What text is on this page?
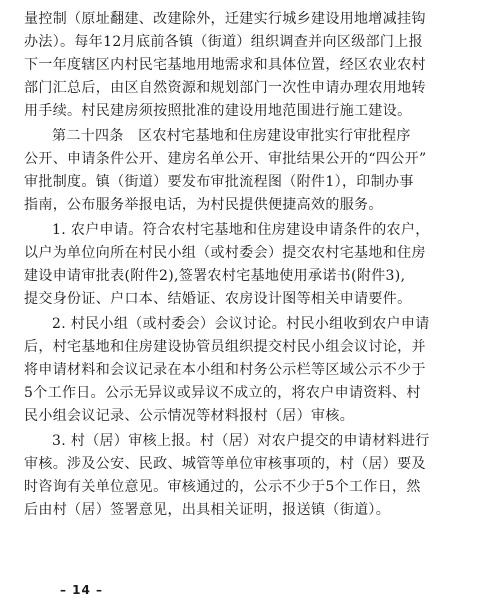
量控制（原址翻建、改建除外，迁建实行城乡建设用地增减挂钩
办法）。每年12月底前各镇（街道）组织调查并向区级部门上报
下一年度辖区内村民宅基地用地需求和具体位置，经区农业农村
部门汇总后，由区自然资源和规划部门一次性申请办理农用地转
用手续。村民建房须按照批准的建设用地范围进行施工建设。
第二十四条　区农村宅基地和住房建设审批实行审批程序
公开、申请条件公开、建房名单公开、审批结果公开的“四公开”
审批制度。镇（街道）要发布审批流程图（附件1），印制办事
指南，公布服务举报电话，为村民提供便捷高效的服务。
1. 农户申请。符合农村宅基地和住房建设申请条件的农户，
以户为单位向所在村民小组（或村委会）提交农村宅基地和住房
建设申请审批表(附件2),签署农村宅基地使用承诺书(附件3),
提交身份证、户口本、结婚证、农房设计图等相关申请要件。
2. 村民小组（或村委会）会议讨论。村民小组收到农户申请
后，村宅基地和住房建设协管员组织提交村民小组会议讨论，并
将申请材料和会议记录在本小组和村务公示栏等区域公示不少于
5个工作日。公示无异议或异议不成立的，将农户申请资料、村
民小组会议记录、公示情况等材料报村（居）审核。
3. 村（居）审核上报。村（居）对农户提交的申请材料进行
审核。涉及公安、民政、城管等单位审核事项的，村（居）要及
时咨询有关单位意见。审核通过的，公示不少于5个工作日，然
后由村（居）签署意见，出具相关证明，报送镇（街道）。
– 14 –
